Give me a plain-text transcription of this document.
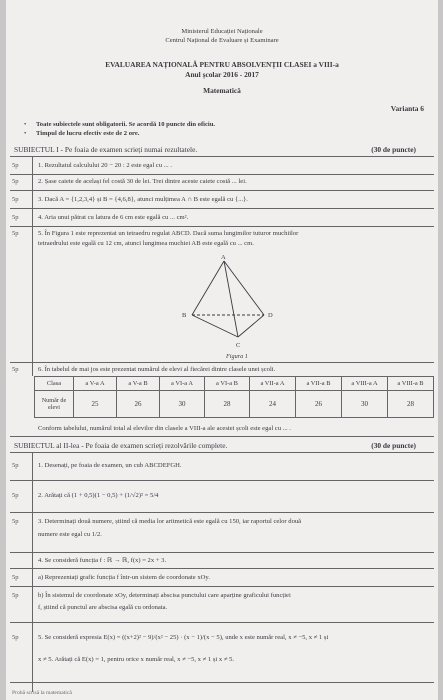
Ministerul Educației Naționale
Centrul Național de Evaluare și Examinare
EVALUAREA NAȚIONALĂ PENTRU ABSOLVENȚII CLASEI a VIII-a
Anul școlar 2016 - 2017
Matematică
Varianta 6
• Toate subiectele sunt obligatorii. Se acordă 10 puncte din oficiu.
• Timpul de lucru efectiv este de 2 ore.
SUBIECTUL I - Pe foaia de examen scrieți numai rezultatele.	(30 de puncte)
5p	1. Rezultatul calculului 20 − 20 : 2 este egal cu ... .
5p	2. Șase caiete de același fel costă 30 de lei. Trei dintre aceste caiete costă ... lei.
5p	3. Dacă A = {1,2,3,4} și B = {4,6,8}, atunci mulțimea A ∩ B este egală cu {...}.
5p	4. Aria unui pătrat cu latura de 6 cm este egală cu ... cm².
5p	5. În Figura 1 este reprezentat un tetraedru regulat ABCD. Dacă suma lungimilor tuturor muchiilor
tetraedrului este egală cu 12 cm, atunci lungimea muchiei AB este egală cu ... cm.
A
B
C
D
Figura 1
5p	6. În tabelul de mai jos este prezentat numărul de elevi al fiecărei dintre clasele unei școli.
Clasa	a V-a A	a V-a B	a VI-a A	a VI-a B	a VII-a A	a VII-a B	a VIII-a A	a VIII-a B
Număr de elevi	25	26	30	28	24	26	30	28
Conform tabelului, numărul total al elevilor din clasele a VIII-a ale acestei școli este egal cu ... .
SUBIECTUL al II-lea - Pe foaia de examen scrieți rezolvările complete.	(30 de puncte)
5p	1. Desenați, pe foaia de examen, un cub ABCDEFGH.
5p	2. Arătați că (1 + 0,5)(1 − 0,5) + (1/√2)² = 5/4
5p	3. Determinați două numere, știind că media lor aritmetică este egală cu 150, iar raportul celor două
numere este egal cu 1/2.
4. Se consideră funcția f : ℝ → ℝ, f(x) = 2x + 3.
5p	a) Reprezentați grafic funcția f într-un sistem de coordonate xOy.
5p	b) În sistemul de coordonate xOy, determinați abscisa punctului care aparține graficului funcției
f, știind că punctul are abscisa egală cu ordonata.
5p	5. Se consideră expresia E(x) = ((x+2)² − 9)/(x² − 25) · (x − 1)/(x − 5), unde x este număr real, x ≠ −5, x ≠ 1 și
x ≠ 5. Arătați că E(x) = 1, pentru orice x număr real, x ≠ −5, x ≠ 1 și x ≠ 5.
Probă scrisă la matematică
